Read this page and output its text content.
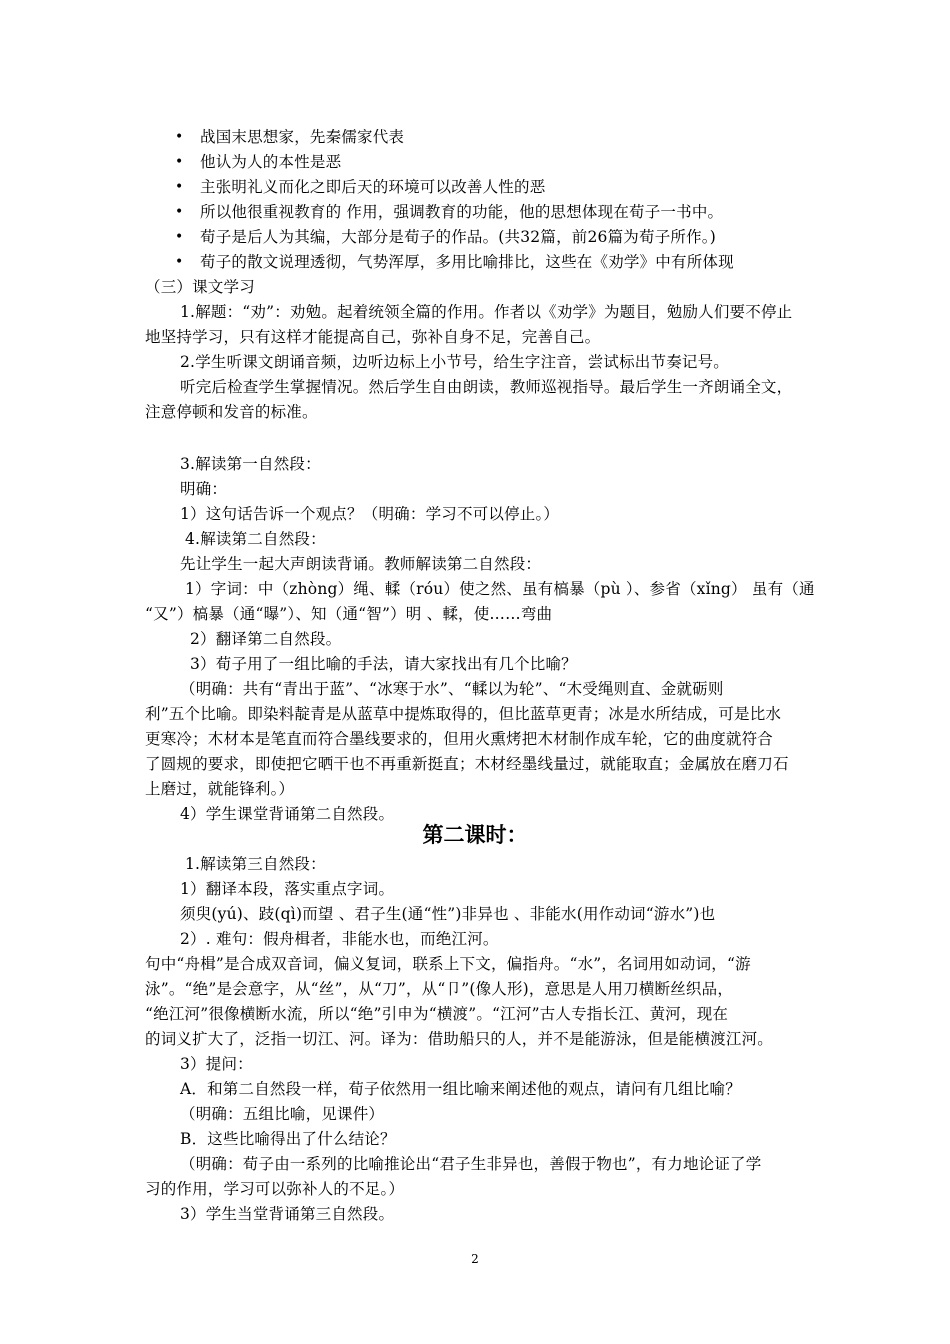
• 战国末思想家，先秦儒家代表
• 他认为人的本性是恶
• 主张明礼义而化之即后天的环境可以改善人性的恶
• 所以他很重视教育的 作用，强调教育的功能，他的思想体现在荀子一书中。
• 荀子是后人为其编，大部分是荀子的作品。(共32篇，前26篇为荀子所作。)
• 荀子的散文说理透彻，气势浑厚，多用比喻排比，这些在《劝学》中有所体现
（三）课文学习
1.解题：“劝”：劝勉。起着统领全篇的作用。作者以《劝学》为题目，勉励人们要不停止
地坚持学习，只有这样才能提高自己，弥补自身不足，完善自己。
2.学生听课文朗诵音频，边听边标上小节号，给生字注音，尝试标出节奏记号。
听完后检查学生掌握情况。然后学生自由朗读，教师巡视指导。最后学生一齐朗诵全文，
注意停顿和发音的标准。
3.解读第一自然段：
明确：
1）这句话告诉一个观点？（明确：学习不可以停止。）
4.解读第二自然段：
先让学生一起大声朗读背诵。教师解读第二自然段：
1）字词：中（zhòng）绳、輮（róu）使之然、虽有槁暴（pù ）、参省（xǐng） 虽有（通
“又”）槁暴（通“曝”）、知（通“智”）明 、輮，使……弯曲
2）翻译第二自然段。
3）荀子用了一组比喻的手法，请大家找出有几个比喻？
（明确：共有“青出于蓝”、“冰寒于水”、“輮以为轮”、“木受绳则直、金就砺则
利”五个比喻。即染料靛青是从蓝草中提炼取得的，但比蓝草更青；冰是水所结成，可是比水
更寒冷；木材本是笔直而符合墨线要求的，但用火熏烤把木材制作成车轮，它的曲度就符合
了圆规的要求，即使把它晒干也不再重新挺直；木材经墨线量过，就能取直；金属放在磨刀石
上磨过，就能锋利。）
4）学生课堂背诵第二自然段。
第二课时：
1.解读第三自然段：
1）翻译本段，落实重点字词。
须臾(yú)、跂(qì)而望 、君子生(通“性”)非异也 、非能水(用作动词“游水”)也
2）. 难句：假舟楫者，非能水也，而绝江河。
句中“舟楫”是合成双音词，偏义复词，联系上下文，偏指舟。“水”，名词用如动词，“游
泳”。“绝”是会意字，从“丝”，从“刀”，从“卩”(像人形)，意思是人用刀横断丝织品，
“绝江河”很像横断水流，所以“绝”引申为“横渡”。“江河”古人专指长江、黄河，现在
的词义扩大了，泛指一切江、河。译为：借助船只的人，并不是能游泳，但是能横渡江河。
3）提问：
A．和第二自然段一样，荀子依然用一组比喻来阐述他的观点，请问有几组比喻？
（明确：五组比喻，见课件）
B．这些比喻得出了什么结论？
（明确：荀子由一系列的比喻推论出“君子生非异也，善假于物也”，有力地论证了学
习的作用，学习可以弥补人的不足。）
3）学生当堂背诵第三自然段。
2
